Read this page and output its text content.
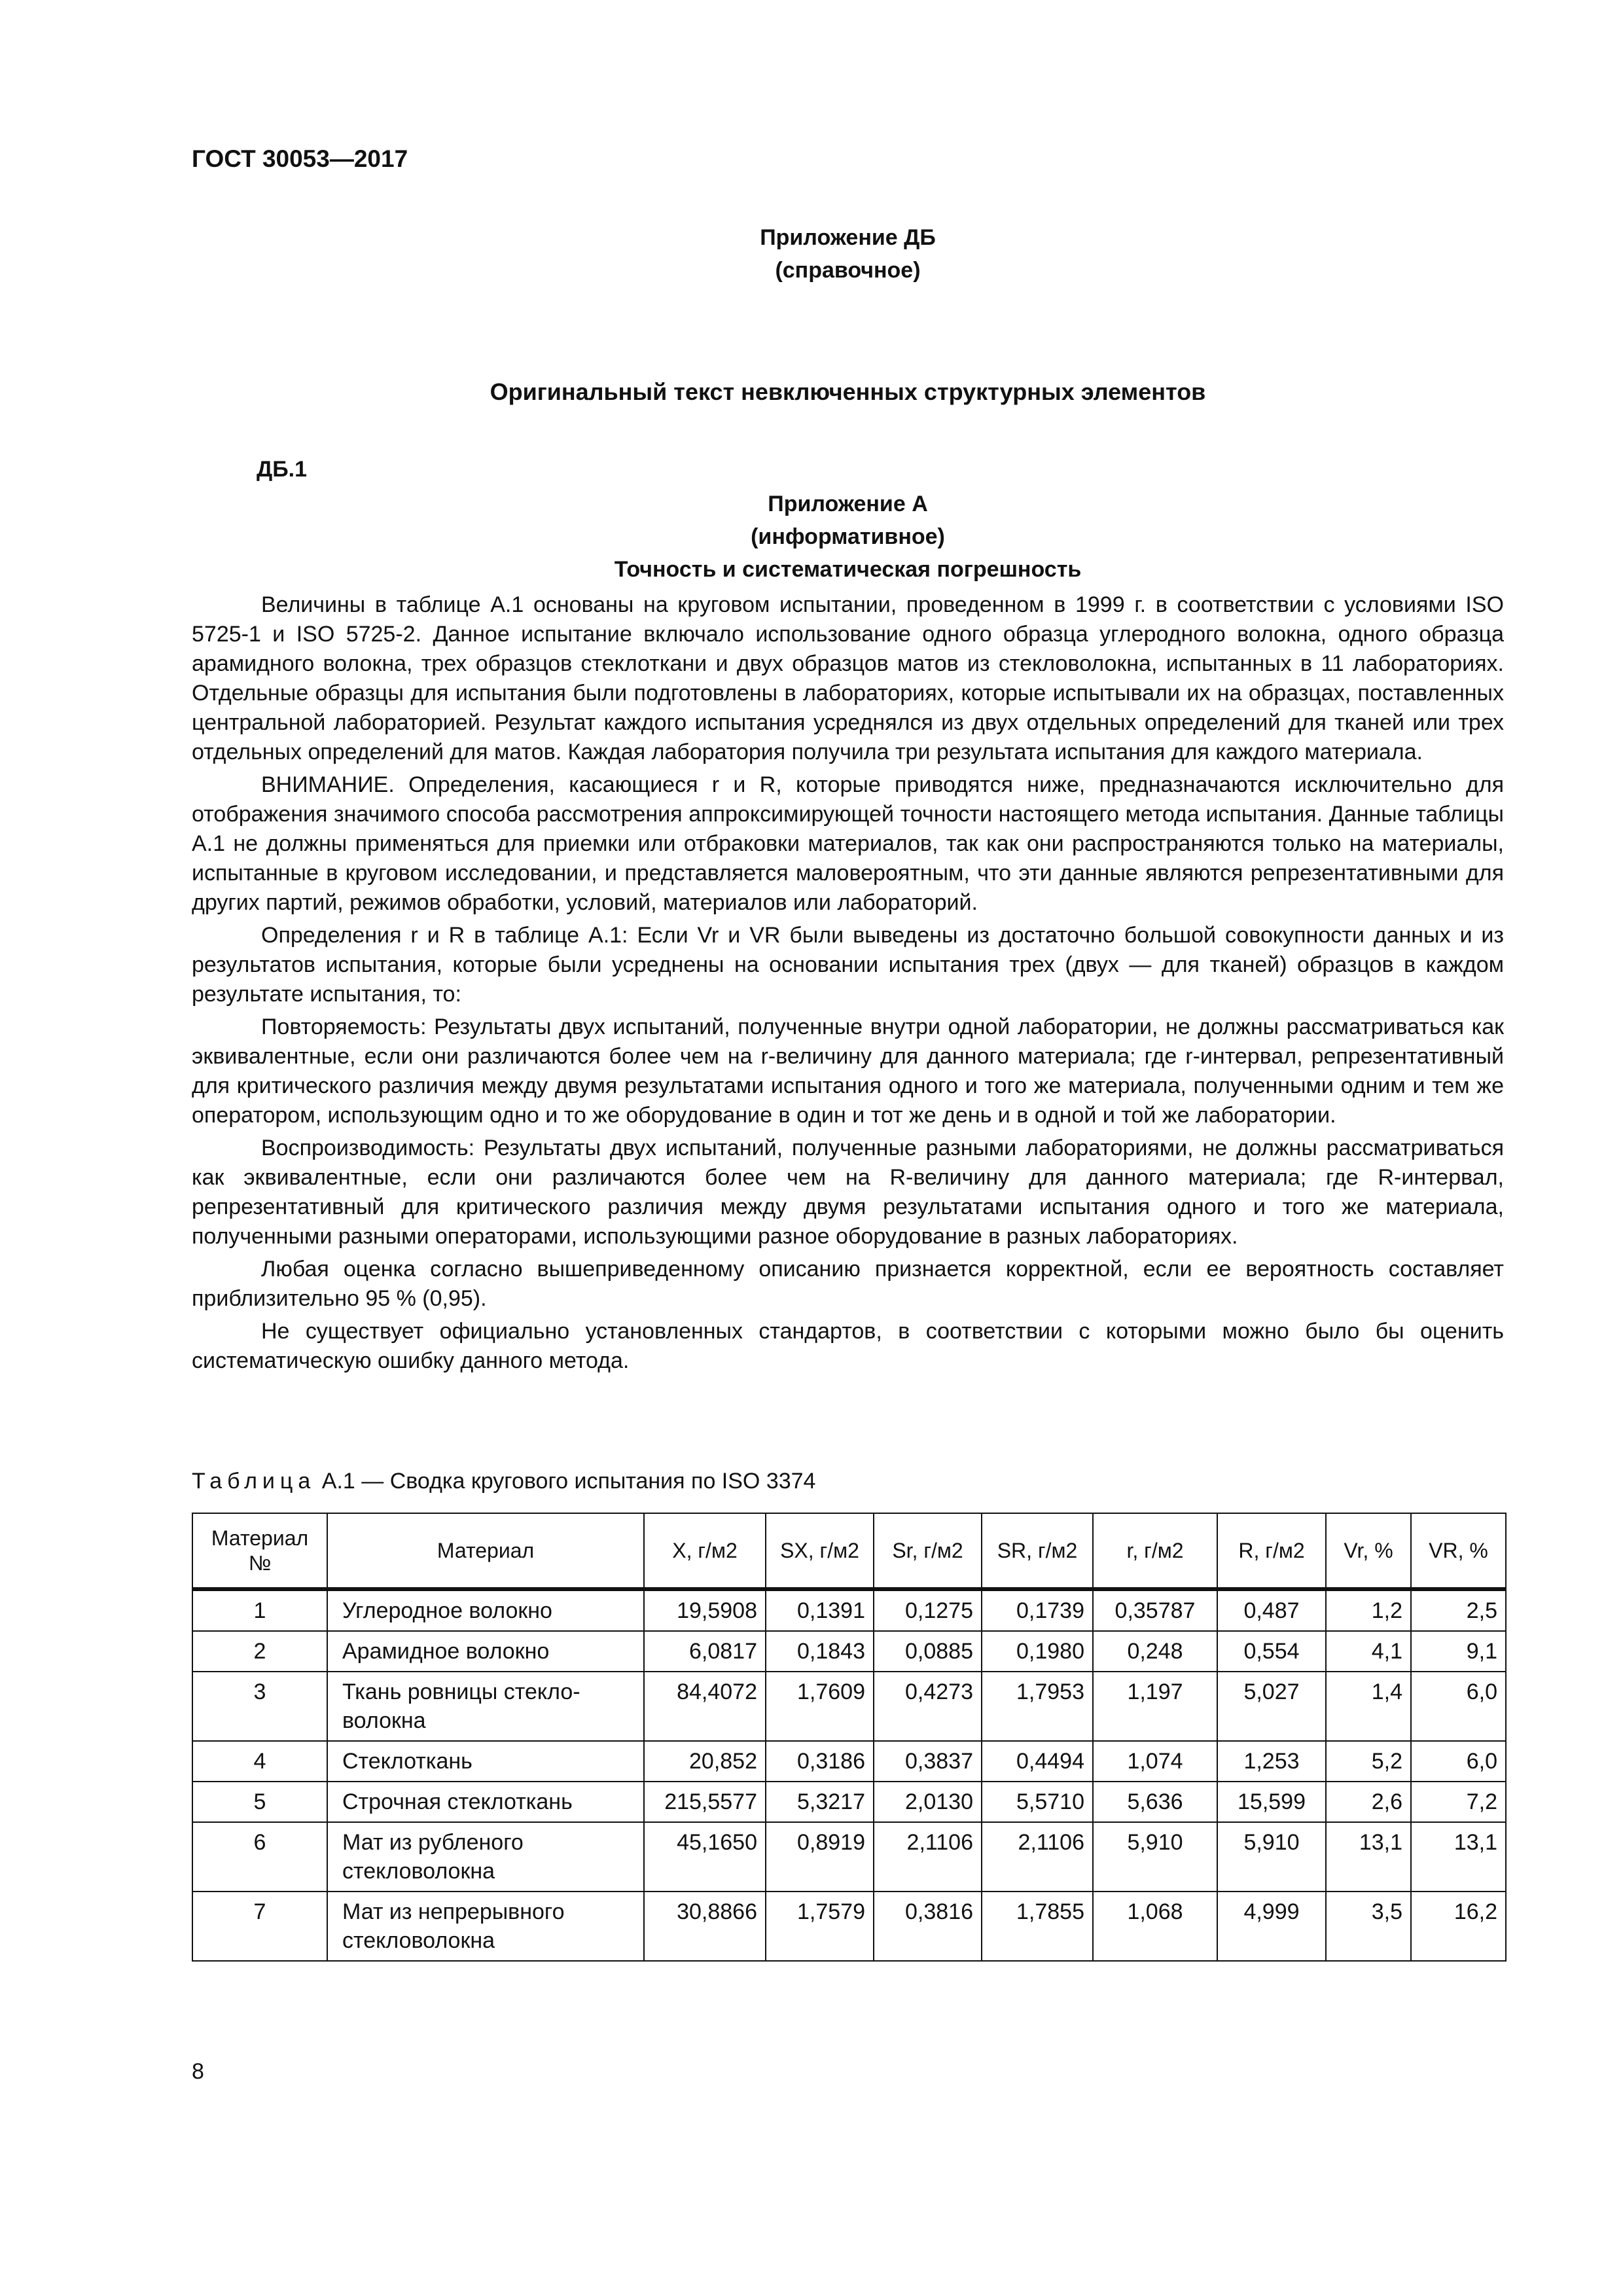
ГОСТ 30053—2017
Приложение ДБ
(справочное)
Оригинальный текст невключенных структурных элементов
ДБ.1
Приложение А
(информативное)
Точность и систематическая погрешность

Величины в таблице А.1 основаны на круговом испытании, проведенном в 1999 г. в соответствии с условиями ISO 5725-1 и ISO 5725-2. Данное испытание включало использование одного образца углеродного волокна, одного образца арамидного волокна, трех образцов стеклоткани и двух образцов матов из стекловолокна, испытанных в 11 лабораториях. Отдельные образцы для испытания были подготовлены в лабораториях, которые испытывали их на образцах, поставленных центральной лабораторией. Результат каждого испытания усреднялся из двух отдельных определений для тканей или трех отдельных определений для матов. Каждая лаборатория получила три результата испытания для каждого материала.

ВНИМАНИЕ. Определения, касающиеся r и R, которые приводятся ниже, предназначаются исключительно для отображения значимого способа рассмотрения аппроксимирующей точности настоящего метода испытания. Данные таблицы А.1 не должны применяться для приемки или отбраковки материалов, так как они распространяются только на материалы, испытанные в круговом исследовании, и представляется маловероятным, что эти данные являются репрезентативными для других партий, режимов обработки, условий, материалов или лабораторий.

Определения r и R в таблице А.1: Если Vr и VR были выведены из достаточно большой совокупности данных и из результатов испытания, которые были усреднены на основании испытания трех (двух — для тканей) образцов в каждом результате испытания, то:

Повторяемость: Результаты двух испытаний, полученные внутри одной лаборатории, не должны рассматриваться как эквивалентные, если они различаются более чем на r-величину для данного материала; где r-интервал, репрезентативный для критического различия между двумя результатами испытания одного и того же материала, полученными одним и тем же оператором, использующим одно и то же оборудование в один и тот же день и в одной и той же лаборатории.

Воспроизводимость: Результаты двух испытаний, полученные разными лабораториями, не должны рассматриваться как эквивалентные, если они различаются более чем на R-величину для данного материала; где R-интервал, репрезентативный для критического различия между двумя результатами испытания одного и того же материала, полученными разными операторами, использующими разное оборудование в разных лабораториях.

Любая оценка согласно вышеприведенному описанию признается корректной, если ее вероятность составляет приблизительно 95 % (0,95).

Не существует официально установленных стандартов, в соответствии с которыми можно было бы оценить систематическую ошибку данного метода.

Таблица А.1 — Сводка кругового испытания по ISO 3374
Материал №	Материал	X, г/м2	SX, г/м2	Sr, г/м2	SR, г/м2	r, г/м2	R, г/м2	Vr, %	VR, %
1	Углеродное волокно	19,5908	0,1391	0,1275	0,1739	0,35787	0,487	1,2	2,5
2	Арамидное волокно	6,0817	0,1843	0,0885	0,1980	0,248	0,554	4,1	9,1
3	Ткань ровницы стекло-волокна	84,4072	1,7609	0,4273	1,7953	1,197	5,027	1,4	6,0
4	Стеклоткань	20,852	0,3186	0,3837	0,4494	1,074	1,253	5,2	6,0
5	Строчная стеклоткань	215,5577	5,3217	2,0130	5,5710	5,636	15,599	2,6	7,2
6	Мат из рубленого стекловолокна	45,1650	0,8919	2,1106	2,1106	5,910	5,910	13,1	13,1
7	Мат из непрерывного стекловолокна	30,8866	1,7579	0,3816	1,7855	1,068	4,999	3,5	16,2
8
